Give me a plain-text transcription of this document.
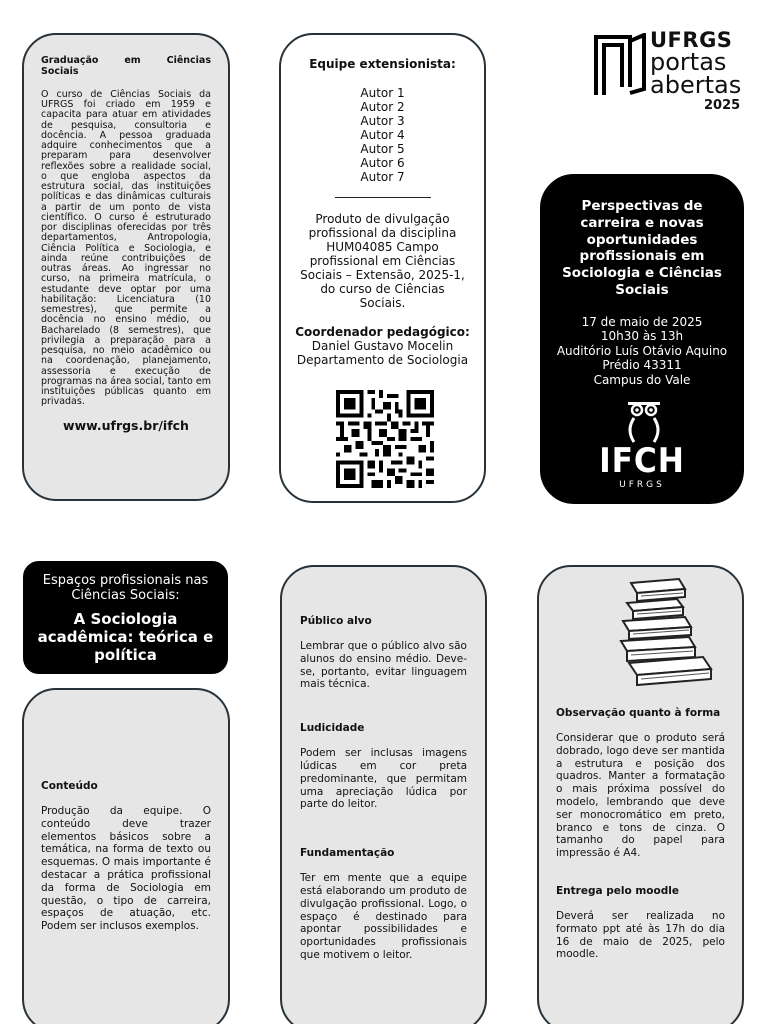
Graduação em Ciências
Sociais
O curso de Ciências Sociais da UFRGS foi criado em 1959 e capacita para atuar em atividades de pesquisa, consultoria e docência. A pessoa graduada adquire conhecimentos que a preparam para desenvolver reflexões sobre a realidade social, o que engloba aspectos da estrutura social, das instituições políticas e das dinâmicas culturais a partir de um ponto de vista científico. O curso é estruturado por disciplinas oferecidas por três departamentos, Antropologia, Ciência Política e Sociologia, e ainda reúne contribuições de outras áreas. Ao ingressar no curso, na primeira matrícula, o estudante deve optar por uma habilitação: Licenciatura (10 semestres), que permite a docência no ensino médio, ou Bacharelado (8 semestres), que privilegia a preparação para a pesquisa, no meio acadêmico ou na coordenação, planejamento, assessoria e execução de programas na área social, tanto em instituições públicas quanto em privadas.
www.ufrgs.br/ifch
Equipe extensionista:
Autor 1
Autor 2
Autor 3
Autor 4
Autor 5
Autor 6
Autor 7
Produto de divulgação profissional da disciplina HUM04085 Campo profissional em Ciências Sociais – Extensão, 2025-1, do curso de Ciências Sociais.
Coordenador pedagógico:
Daniel Gustavo Mocelin
Departamento de Sociologia
UFRGS
portas
abertas
2025
Perspectivas de carreira e novas oportunidades profissionais em Sociologia e Ciências Sociais
17 de maio de 2025
10h30 às 13h
Auditório Luís Otávio Aquino
Prédio 43311
Campus do Vale
IFCH
UFRGS
Espaços profissionais nas Ciências Sociais:
A Sociologia acadêmica: teórica e política
Conteúdo
Produção da equipe. O conteúdo deve trazer elementos básicos sobre a temática, na forma de texto ou esquemas. O mais importante é destacar a prática profissional da forma de Sociologia em questão, o tipo de carreira, espaços de atuação, etc. Podem ser inclusos exemplos.
Público alvo
Lembrar que o público alvo são alunos do ensino médio. Deve-se, portanto, evitar linguagem mais técnica.
Ludicidade
Podem ser inclusas imagens lúdicas em cor preta predominante, que permitam uma apreciação lúdica por parte do leitor.
Fundamentação
Ter em mente que a equipe está elaborando um produto de divulgação profissional. Logo, o espaço é destinado para apontar possibilidades e oportunidades profissionais que motivem o leitor.
Observação quanto à forma
Considerar que o produto será dobrado, logo deve ser mantida a estrutura e posição dos quadros. Manter a formatação o mais próxima possível do modelo, lembrando que deve ser monocromático em preto, branco e tons de cinza. O tamanho do papel para impressão é A4.
Entrega pelo moodle
Deverá ser realizada no formato ppt até às 17h do dia 16 de maio de 2025, pelo moodle.
